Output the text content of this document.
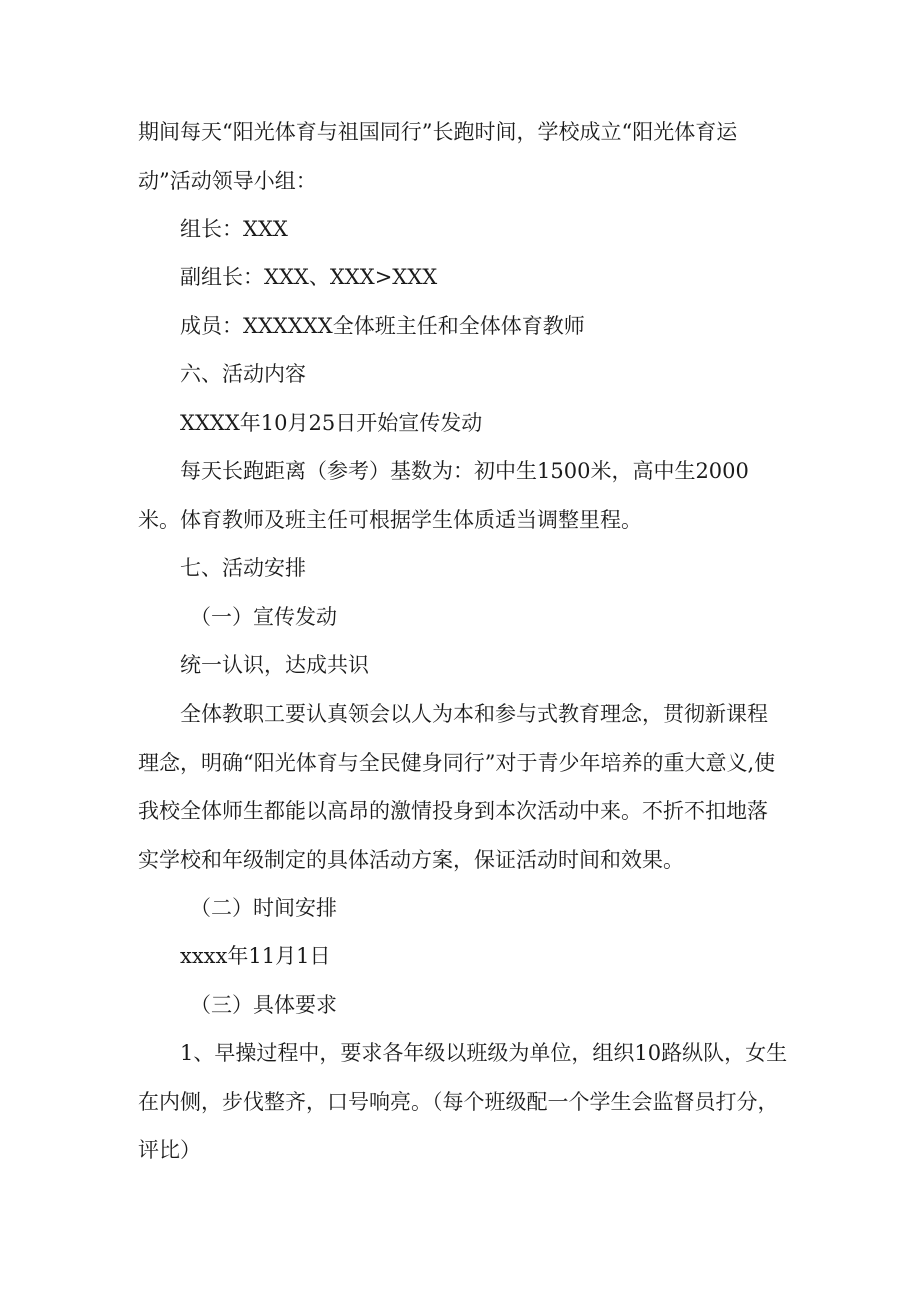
期间每天“阳光体育与祖国同行”长跑时间，学校成立“阳光体育运动”活动领导小组：

组长：XXX

副组长：XXX、XXX>XXX

成员：XXXXXX全体班主任和全体体育教师

六、活动内容

XXXX年10月25日开始宣传发动

每天长跑距离（参考）基数为：初中生1500米，高中生2000米。体育教师及班主任可根据学生体质适当调整里程。

七、活动安排

（一）宣传发动

统一认识，达成共识

全体教职工要认真领会以人为本和参与式教育理念，贯彻新课程理念，明确“阳光体育与全民健身同行”对于青少年培养的重大意义,使我校全体师生都能以高昂的激情投身到本次活动中来。不折不扣地落实学校和年级制定的具体活动方案，保证活动时间和效果。

（二）时间安排

xxxx年11月1日

（三）具体要求

1、早操过程中，要求各年级以班级为单位，组织10路纵队，女生在内侧，步伐整齐，口号响亮。（每个班级配一个学生会监督员打分，评比）
